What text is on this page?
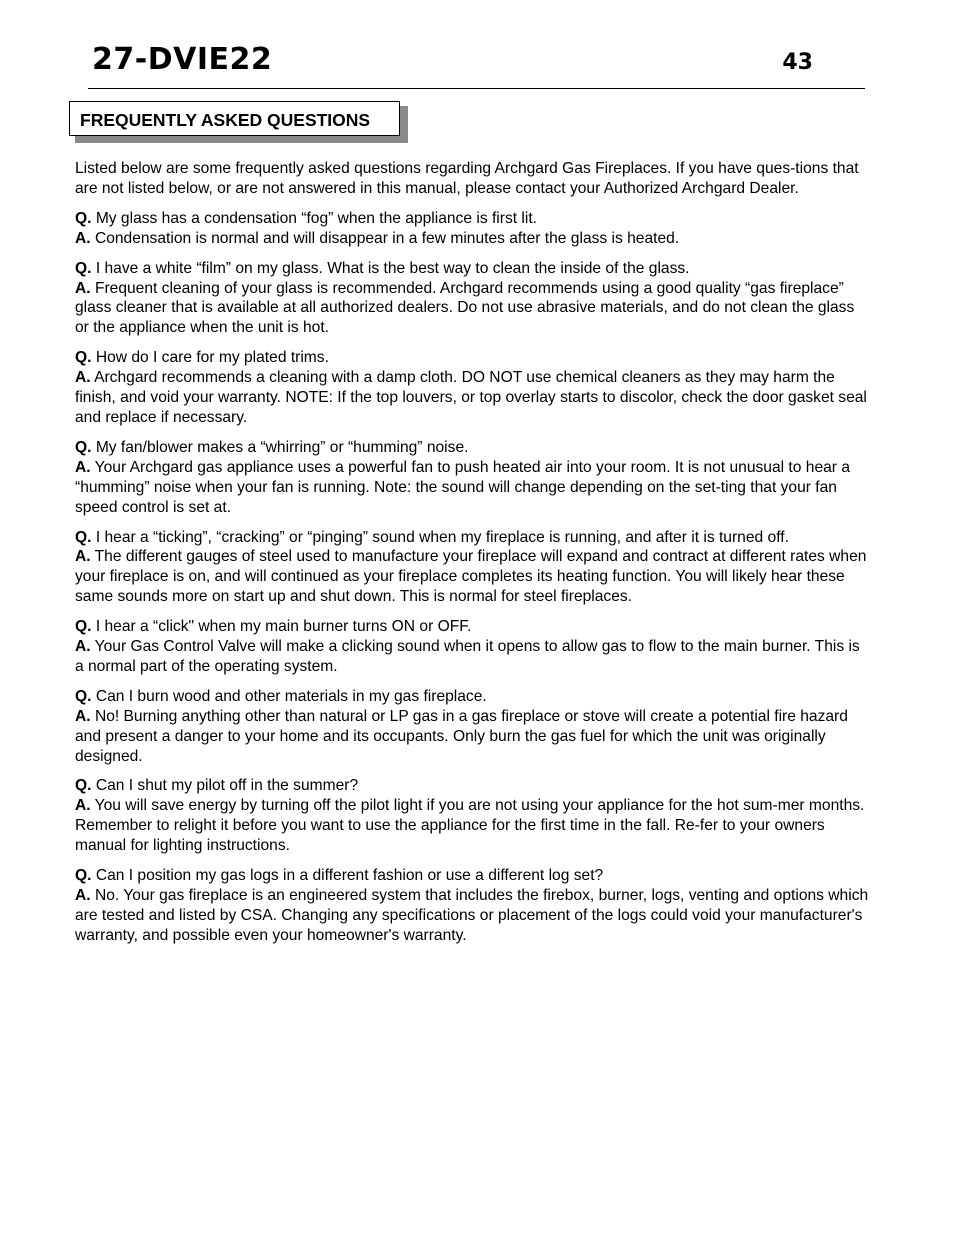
27-DVIE22	43
FREQUENTLY ASKED QUESTIONS

Listed below are some frequently asked questions regarding Archgard Gas Fireplaces. If you have ques-tions that are not listed below, or are not answered in this manual, please contact your Authorized Archgard Dealer.

Q. My glass has a condensation “fog” when the appliance is first lit.

A. Condensation is normal and will disappear in a few minutes after the glass is heated.

Q. I have a white “film” on my glass. What is the best way to clean the inside of the glass.

A. Frequent cleaning of your glass is recommended. Archgard recommends using a good quality “gas fireplace” glass cleaner that is available at all authorized dealers. Do not use abrasive materials, and do not clean the glass or the appliance when the unit is hot.

Q. How do I care for my plated trims.

A. Archgard recommends a cleaning with a damp cloth. DO NOT use chemical cleaners as they may harm the finish, and void your warranty. NOTE: If the top louvers, or top overlay starts to discolor, check the door gasket seal and replace if necessary.

Q. My fan/blower makes a “whirring” or “humming” noise.

A. Your Archgard gas appliance uses a powerful fan to push heated air into your room. It is not unusual to hear a “humming” noise when your fan is running. Note: the sound will change depending on the set-ting that your fan speed control is set at.

Q. I hear a “ticking”, “cracking” or “pinging” sound when my fireplace is running, and after it is turned off.

A. The different gauges of steel used to manufacture your fireplace will expand and contract at different rates when your fireplace is on, and will continued as your fireplace completes its heating function. You will likely hear these same sounds more on start up and shut down. This is normal for steel fireplaces.

Q. I hear a “click" when my main burner turns ON or OFF.

A. Your Gas Control Valve will make a clicking sound when it opens to allow gas to flow to the main burner. This is a normal part of the operating system.

Q. Can I burn wood and other materials in my gas fireplace.

A. No! Burning anything other than natural or LP gas in a gas fireplace or stove will create a potential fire hazard and present a danger to your home and its occupants. Only burn the gas fuel for which the unit was originally designed.

Q. Can I shut my pilot off in the summer?

A. You will save energy by turning off the pilot light if you are not using your appliance for the hot sum-mer months. Remember to relight it before you want to use the appliance for the first time in the fall. Re-fer to your owners manual for lighting instructions.

Q. Can I position my gas logs in a different fashion or use a different log set?

A. No. Your gas fireplace is an engineered system that includes the firebox, burner, logs, venting and options which are tested and listed by CSA. Changing any specifications or placement of the logs could void your manufacturer's warranty, and possible even your homeowner's warranty.
